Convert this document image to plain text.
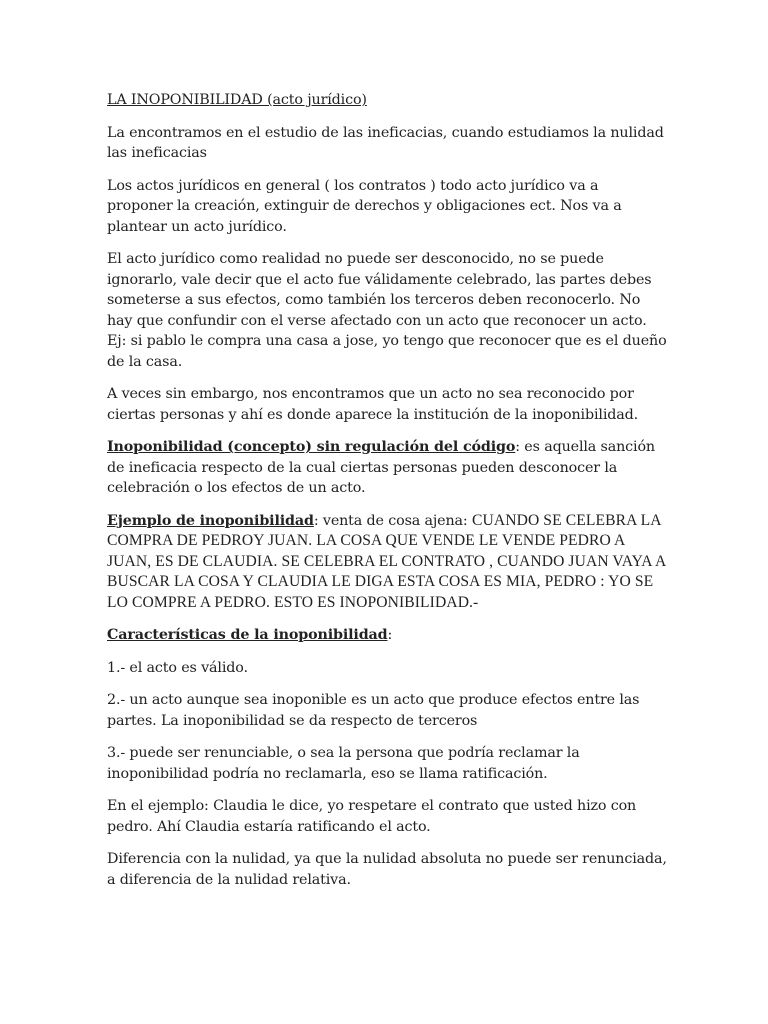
LA INOPONIBILIDAD (acto jurídico)

La encontramos en el estudio de las ineficacias, cuando estudiamos la nulidad las ineficacias

Los actos jurídicos en general ( los contratos ) todo acto jurídico va a proponer la creación, extinguir de derechos y obligaciones ect. Nos va a plantear un acto jurídico.

El acto jurídico como realidad no puede ser desconocido, no se puede ignorarlo, vale decir que el acto fue válidamente celebrado, las partes debes someterse a sus efectos, como también los terceros deben reconocerlo. No hay que confundir con el verse afectado con un acto que reconocer un acto. Ej: si pablo le compra una casa a jose, yo tengo que reconocer que es el dueño de la casa.

A veces sin embargo, nos encontramos que un acto no sea reconocido por ciertas personas y ahí es donde aparece la institución de la inoponibilidad.

Inoponibilidad (concepto) sin regulación del código: es aquella sanción de ineficacia respecto de la cual ciertas personas pueden desconocer la celebración o los efectos de un acto.

Ejemplo de inoponibilidad: venta de cosa ajena: CUANDO SE CELEBRA LA COMPRA DE PEDROY JUAN. LA COSA QUE VENDE LE VENDE PEDRO A JUAN, ES DE CLAUDIA. SE CELEBRA EL CONTRATO , CUANDO JUAN VAYA A BUSCAR LA COSA Y CLAUDIA LE DIGA ESTA COSA ES MIA, PEDRO : YO SE LO COMPRE A PEDRO. ESTO ES INOPONIBILIDAD.-

Características de la inoponibilidad:

1.- el acto es válido.

2.- un acto aunque sea inoponible es un acto que produce efectos entre las partes. La inoponibilidad se da respecto de terceros

3.- puede ser renunciable, o sea la persona que podría reclamar la inoponibilidad podría no reclamarla, eso se llama ratificación.

En el ejemplo: Claudia le dice, yo respetare el contrato que usted hizo con pedro. Ahí Claudia estaría ratificando el acto.

Diferencia con la nulidad, ya que la nulidad absoluta no puede ser renunciada, a diferencia de la nulidad relativa.
